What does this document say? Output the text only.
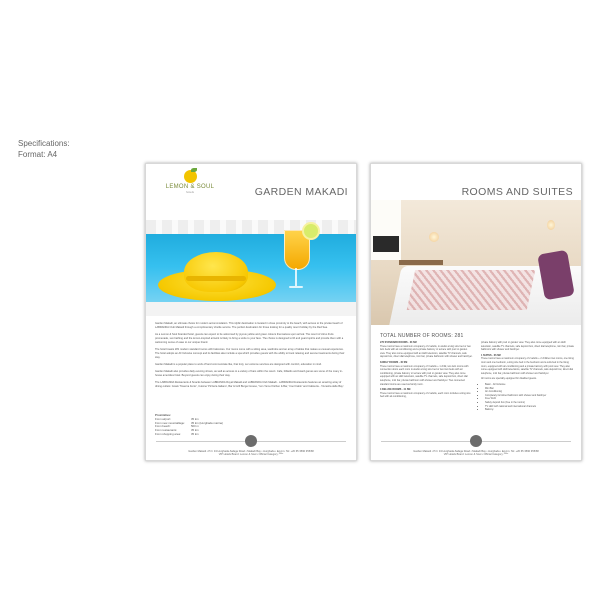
Specifications:
Format: A4
LEMON & SOUL
hotels	GARDEN MAKADI

Garden Makadi, an ultimate choice for modern accommodation. This idyllic destination is located in close proximity to the beach, with access to the private beach of LABRANDA Club Makadi through a complimentary shuttle service. The perfect destination for those looking for a quality resort holiday by the Red Sea.

As a Lemon & Soul branded hotel, guests can expect to be welcomed by joyous yellow and green colours themselves upon arrival. The resort of citrus fruits promenade, sun bathing and the lemon-inspired artwork is likely to bring a smile to your face. The choice is designed to lift and guard spirits and provide them with a welcoming sense of ease to our unique brand.

The hotel boasts 281 modern standard rooms with balconies. Our rooms come with a sitting area, wardrobe and an array of tables that makes a unusual experience. The hotel adopts an All Inclusive concept and its facilities also include a spa which provides guests with the ability to book relaxing and serene treatments during their stay.

Garden Makadi is a popular place to work off and communicate like, that truly, our extreme services are designed with comfort, education in mind.

Garden Makadi also provides daily evening shows, as well as access to a variety of bars within the resort. Cafe, billiards and board games are some of the many in-house amenities hotel. Beyond guests can enjoy during their stay.

The LABRANDA Restaurants & Snacks between LABRANDA Royal Makadi and LABRANDA Club Makadi - LABRANDA Restaurants features an amazing array of dining outlets: Greek 'Taverna Fenix', Cuisine 'Pizzeria Italiano', Bar & Grill Burger House, Yum Yamu Kitchen & Bar, 'Cool Cabin' and Cafeteria - 'Ouresha delle Bay'.

Proximities:
From airport:	35 km
From new mountaillage:	35 km (Hurghada marina)
From beach:	500 m
From restaurants:	35 km
From shopping area:	35 km
Garden Makadi • P.O. 34 Hurghada-Safaga Road • Makadi Bay • Hurghada • Egypt • Tel: +20 65 3590 355/68
VIP Hotels Brand: Lemon & Soul • Official Category: ****
ROOMS AND SUITES
TOTAL NUMBER OF ROOMS: 281

276 STANDARD ROOMS - 33 SM
These rooms have a maximum occupancy of 2 adults, in-studio a king size bed or two twin beds with air-conditioning and a private balcony or terrace with pool or garden view. They also come equipped with an LED television, satellite TV channels, safe deposit box, direct dial telephone, mini bar, private bathroom with shower and hairdryer.

FAMILY ROOMS - 40 SM
These rooms have a maximum occupancy of 3 adults + 1 child, two twin rooms with connection doors each room in-studio a king size bed or two twin beds with air conditioning, private balcony or terrace with pool or garden view. They also come equipped with an LED television, satellite TV channels, safe deposit box, direct dial telephone, mini bar, private bathroom with shower and hairdryer. Two connected standard rooms are used as family room.

4 DELUXE ROOMS - 41 SM
These rooms have a maximum occupancy of 2 adults, each room includes a king size bed with air-conditioning,

private balcony with pool or garden view. They also come equipped with an LED television, satellite TV channels, safe deposit box, direct dial telephone, mini bar, private bathroom with shower and hairdryer.

1 SUITES - 66 SM
These rooms have a maximum occupancy of 2 adults + 2 children two rooms, one living room and one bedroom, a king size bed in the bedroom and a sofa bed in the living room, equipped with air-conditioning and a private balcony with pool view. They also come equipped with LED televisions, satellite TV channels, safe deposit box, direct dial telephone, mini bar, private bathroom with shower and hairdryer.

All rooms are specially equipped for disabled guests.

• Basic - All Inclusive
• Mini Bar
• Air-Conditioning
• Completely furnished bathroom with shower and hairdryer
• Free Wi-Fi
• Safety deposit box (free in the rooms)
• TV LED with national and international channels
• Balcony
Garden Makadi • P.O. 34 Hurghada-Safaga Road • Makadi Bay • Hurghada • Egypt • Tel: +20 65 3590 355/68
VIP Hotels Brand: Lemon & Soul • Official Category: ****
